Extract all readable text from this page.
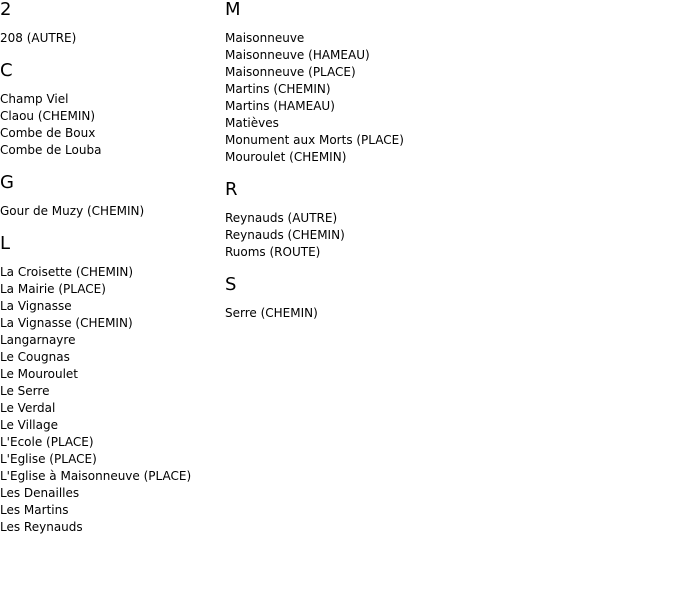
2
208 (AUTRE)
C
Champ Viel
Claou (CHEMIN)
Combe de Boux
Combe de Louba
G
Gour de Muzy (CHEMIN)
L
La Croisette (CHEMIN)
La Mairie (PLACE)
La Vignasse
La Vignasse (CHEMIN)
Langarnayre
Le Cougnas
Le Mouroulet
Le Serre
Le Verdal
Le Village
L'Ecole (PLACE)
L'Eglise (PLACE)
L'Eglise à Maisonneuve (PLACE)
Les Denailles
Les Martins
Les Reynauds
M
Maisonneuve
Maisonneuve (HAMEAU)
Maisonneuve (PLACE)
Martins (CHEMIN)
Martins (HAMEAU)
Matièves
Monument aux Morts (PLACE)
Mouroulet (CHEMIN)
R
Reynauds (AUTRE)
Reynauds (CHEMIN)
Ruoms (ROUTE)
S
Serre (CHEMIN)
